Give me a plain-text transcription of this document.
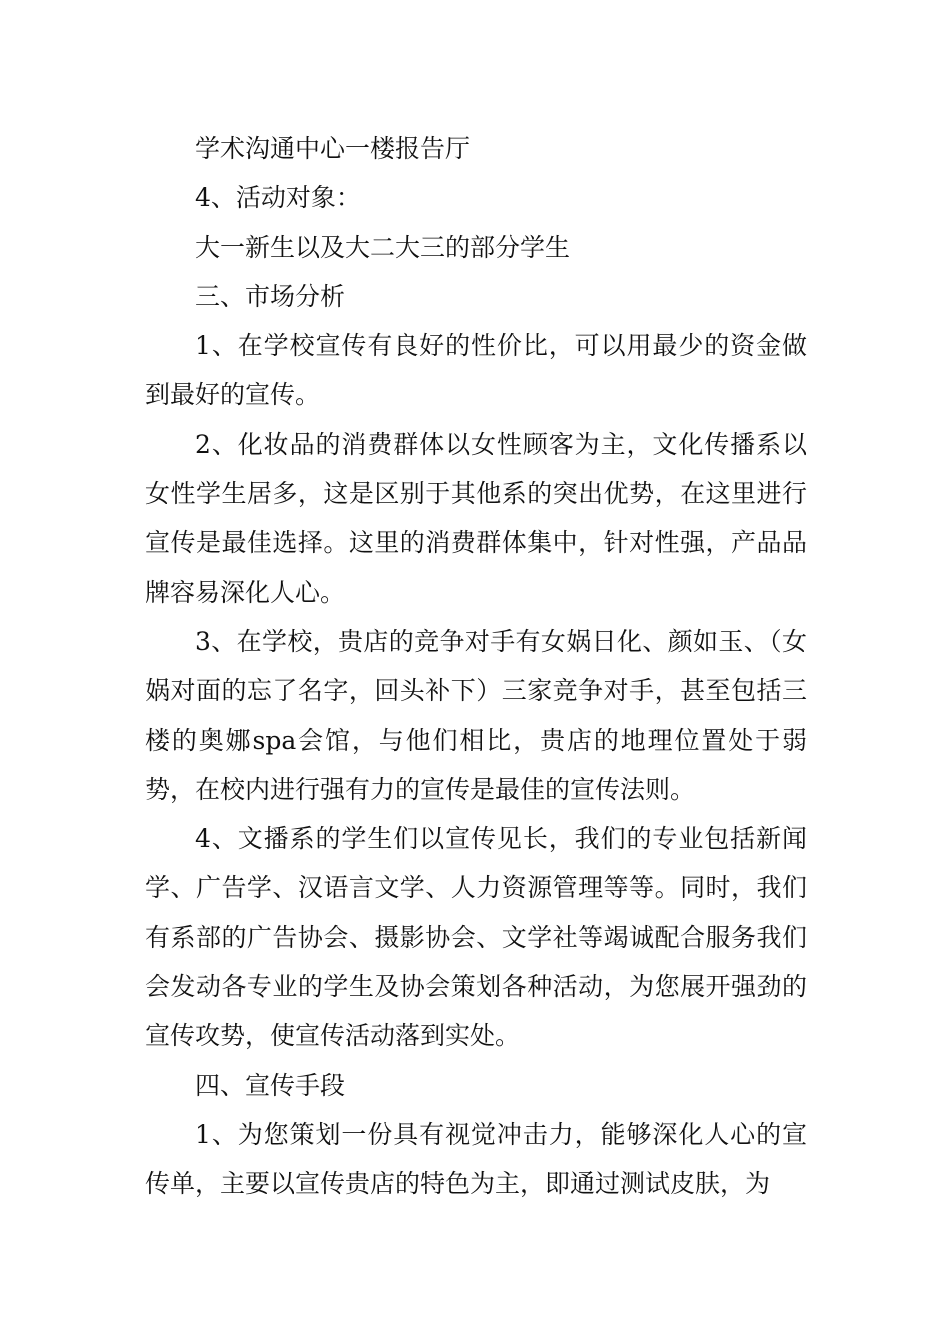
学术沟通中心一楼报告厅

4、活动对象：

大一新生以及大二大三的部分学生

三、市场分析

1、在学校宣传有良好的性价比，可以用最少的资金做到最好的宣传。

2、化妆品的消费群体以女性顾客为主，文化传播系以女性学生居多，这是区别于其他系的突出优势，在这里进行宣传是最佳选择。这里的消费群体集中，针对性强，产品品牌容易深化人心。

3、在学校，贵店的竞争对手有女娲日化、颜如玉、（女娲对面的忘了名字，回头补下）三家竞争对手，甚至包括三楼的奥娜spa会馆，与他们相比，贵店的地理位置处于弱势，在校内进行强有力的宣传是最佳的宣传法则。

4、文播系的学生们以宣传见长，我们的专业包括新闻学、广告学、汉语言文学、人力资源管理等等。同时，我们有系部的广告协会、摄影协会、文学社等竭诚配合服务我们会发动各专业的学生及协会策划各种活动，为您展开强劲的宣传攻势，使宣传活动落到实处。

四、宣传手段

1、为您策划一份具有视觉冲击力，能够深化人心的宣传单，主要以宣传贵店的特色为主，即通过测试皮肤，为
